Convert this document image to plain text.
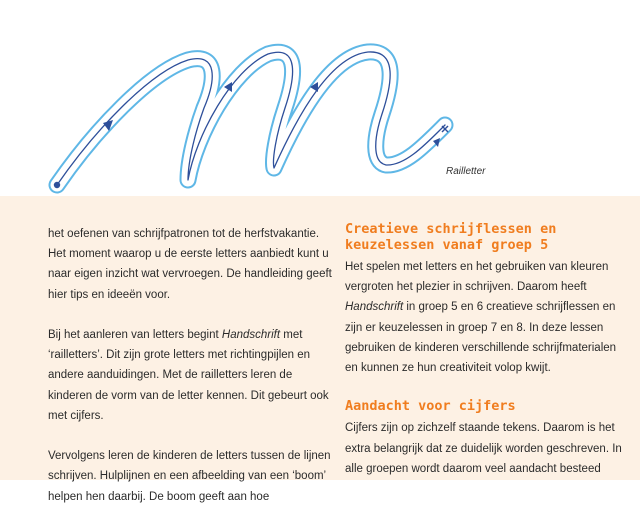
Railletter

het oefenen van schrijfpatronen tot de herfstvakantie. Het moment waarop u de eerste letters aanbiedt kunt u naar eigen inzicht wat vervroegen. De handleiding geeft hier tips en ideeën voor.

Bij het aanleren van letters begint Handschrift met ‘railletters’. Dit zijn grote letters met richtingpijlen en andere aanduidingen. Met de railletters leren de kinderen de vorm van de letter kennen. Dit gebeurt ook met cijfers.

Vervolgens leren de kinderen de letters tussen de lijnen schrijven. Hulplijnen en een afbeelding van een ‘boom’ helpen hen daarbij. De boom geeft aan hoe

Creatieve schrijflessen en keuzelessen vanaf groep 5

Het spelen met letters en het gebruiken van kleuren vergroten het plezier in schrijven. Daarom heeft Handschrift in groep 5 en 6 creatieve schrijflessen en zijn er keuzelessen in groep 7 en 8. In deze lessen gebruiken de kinderen verschillende schrijfmaterialen en kunnen ze hun creativiteit volop kwijt.

Aandacht voor cijfers

Cijfers zijn op zichzelf staande tekens. Daarom is het extra belangrijk dat ze duidelijk worden geschreven. In alle groepen wordt daarom veel aandacht besteed
